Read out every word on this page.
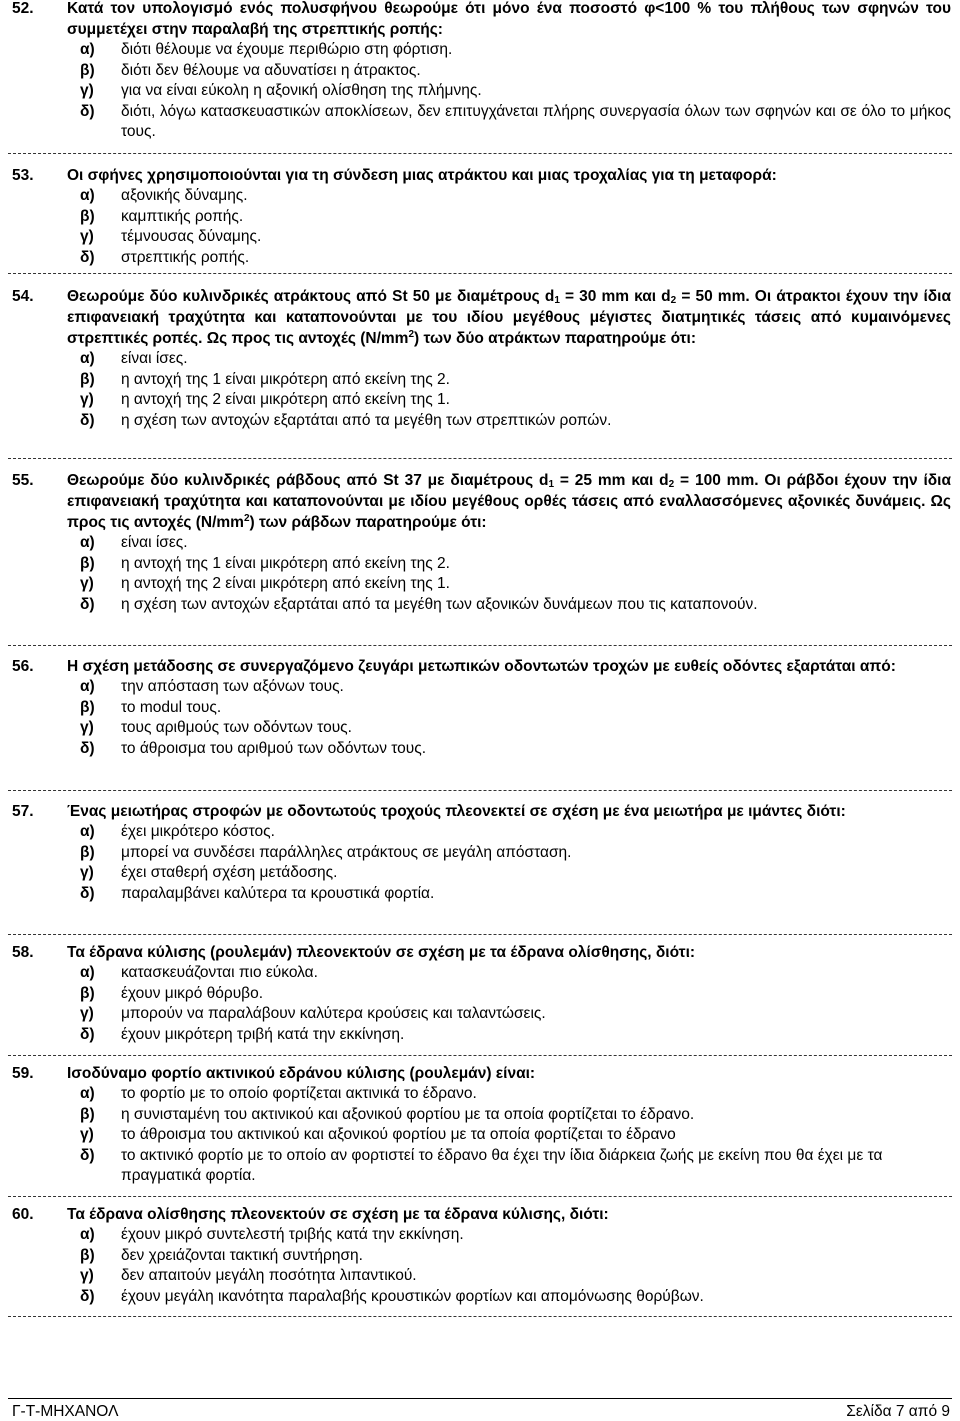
52. Κατά τον υπολογισμό ενός πολυσφήνου θεωρούμε ότι μόνο ένα ποσοστό φ<100 % του πλήθους των σφηνών του συμμετέχει στην παραλαβή της στρεπτικής ροπής:
α) διότι θέλουμε να έχουμε περιθώριο στη φόρτιση.
β) διότι δεν θέλουμε να αδυνατίσει η άτρακτος.
γ) για να είναι εύκολη η αξονική ολίσθηση της πλήμνης.
δ) διότι, λόγω κατασκευαστικών αποκλίσεων, δεν επιτυγχάνεται πλήρης συνεργασία όλων των σφηνών και σε όλο το μήκος τους.
53. Οι σφήνες χρησιμοποιούνται για τη σύνδεση μιας ατράκτου και μιας τροχαλίας για τη μεταφορά:
α) αξονικής δύναμης.
β) καμπτικής ροπής.
γ) τέμνουσας δύναμης.
δ) στρεπτικής ροπής.
54. Θεωρούμε δύο κυλινδρικές ατράκτους από St 50 με διαμέτρους $d_1 = 30$ mm και $d_2 = 50$ mm. Οι άτρακτοι έχουν την ίδια επιφανειακή τραχύτητα και καταπονούνται με του ιδίου μεγέθους μέγιστες διατμητικές τάσεις από κυμαινόμενες στρεπτικές ροπές. Ως προς τις αντοχές $(N/mm^2)$ των δύο ατράκτων παρατηρούμε ότι:
α) είναι ίσες.
β) η αντοχή της 1 είναι μικρότερη από εκείνη της 2.
γ) η αντοχή της 2 είναι μικρότερη από εκείνη της 1.
δ) η σχέση των αντοχών εξαρτάται από τα μεγέθη των στρεπτικών ροπών.
55. Θεωρούμε δύο κυλινδρικές ράβδους από St 37 με διαμέτρους $d_1 = 25$ mm και $d_2 = 100$ mm. Οι ράβδοι έχουν την ίδια επιφανειακή τραχύτητα και καταπονούνται με ιδίου μεγέθους ορθές τάσεις από εναλλασσόμενες αξονικές δυνάμεις. Ως προς τις αντοχές $(N/mm^2)$ των ράβδων παρατηρούμε ότι:
α) είναι ίσες.
β) η αντοχή της 1 είναι μικρότερη από εκείνη της 2.
γ) η αντοχή της 2 είναι μικρότερη από εκείνη της 1.
δ) η σχέση των αντοχών εξαρτάται από τα μεγέθη των αξονικών δυνάμεων που τις καταπονούν.
56. Η σχέση μετάδοσης σε συνεργαζόμενο ζευγάρι μετωπικών οδοντωτών τροχών με ευθείς οδόντες εξαρτάται από:
α) την απόσταση των αξόνων τους.
β) το modul τους.
γ) τους αριθμούς των οδόντων τους.
δ) το άθροισμα του αριθμού των οδόντων τους.
57. Ένας μειωτήρας στροφών με οδοντωτούς τροχούς πλεονεκτεί σε σχέση με ένα μειωτήρα με ιμάντες διότι:
α) έχει μικρότερο κόστος.
β) μπορεί να συνδέσει παράλληλες ατράκτους σε μεγάλη απόσταση.
γ) έχει σταθερή σχέση μετάδοσης.
δ) παραλαμβάνει καλύτερα τα κρουστικά φορτία.
58. Τα έδρανα κύλισης (ρουλεμάν) πλεονεκτούν σε σχέση με τα έδρανα ολίσθησης, διότι:
α) κατασκευάζονται πιο εύκολα.
β) έχουν μικρό θόρυβο.
γ) μπορούν να παραλάβουν καλύτερα κρούσεις και ταλαντώσεις.
δ) έχουν μικρότερη τριβή κατά την εκκίνηση.
59. Ισοδύναμο φορτίο ακτινικού εδράνου κύλισης (ρουλεμάν) είναι:
α) το φορτίο με το οποίο φορτίζεται ακτινικά το έδρανο.
β) η συνισταμένη του ακτινικού και αξονικού φορτίου με τα οποία φορτίζεται το έδρανο.
γ) το άθροισμα του ακτινικού και αξονικού φορτίου με τα οποία φορτίζεται το έδρανο
δ) το ακτινικό φορτίο με το οποίο αν φορτιστεί το έδρανο θα έχει την ίδια διάρκεια ζωής με εκείνη που θα έχει με τα πραγματικά φορτία.
60. Τα έδρανα ολίσθησης πλεονεκτούν σε σχέση με τα έδρανα κύλισης, διότι:
α) έχουν μικρό συντελεστή τριβής κατά την εκκίνηση.
β) δεν χρειάζονται τακτική συντήρηση.
γ) δεν απαιτούν μεγάλη ποσότητα λιπαντικού.
δ) έχουν μεγάλη ικανότητα παραλαβής κρουστικών φορτίων και απομόνωσης θορύβων.
Γ-Τ-ΜΗΧΑΝΟΛ	Σελίδα 7 από 9
